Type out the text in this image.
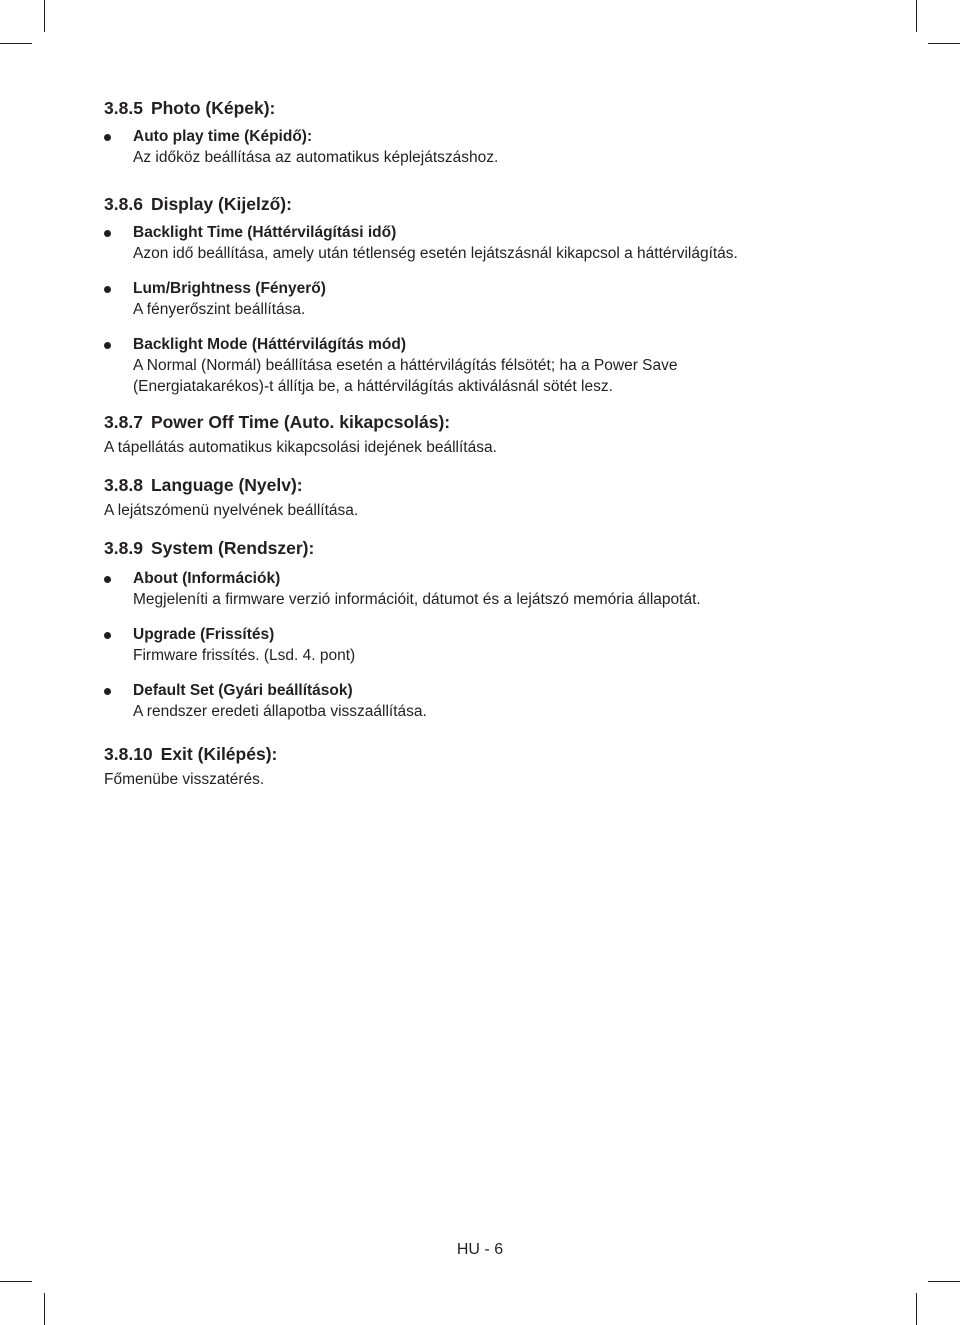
3.8.5 Photo (Képek):
Auto play time (Képidő):
Az időköz beállítása az automatikus képlejátszáshoz.
3.8.6 Display (Kijelző):
Backlight Time (Háttérvilágítási idő)
Azon idő beállítása, amely után tétlenség esetén lejátszásnál kikapcsol a háttérvilágítás.
Lum/Brightness (Fényerő)
A fényerőszint beállítása.
Backlight Mode (Háttérvilágítás mód)
A Normal (Normál) beállítása esetén a háttérvilágítás félsötét; ha a Power Save
(Energiatakarékos)-t állítja be, a háttérvilágítás aktiválásnál sötét lesz.
3.8.7 Power Off Time (Auto. kikapcsolás):
A tápellátás automatikus kikapcsolási idejének beállítása.
3.8.8 Language (Nyelv):
A lejátszómenü nyelvének beállítása.
3.8.9 System (Rendszer):
About (Információk)
Megjeleníti a firmware verzió információit, dátumot és a lejátszó memória állapotát.
Upgrade (Frissítés)
Firmware frissítés. (Lsd. 4. pont)
Default Set (Gyári beállítások)
A rendszer eredeti állapotba visszaállítása.
3.8.10 Exit (Kilépés):
Főmenübe visszatérés.
HU - 6
